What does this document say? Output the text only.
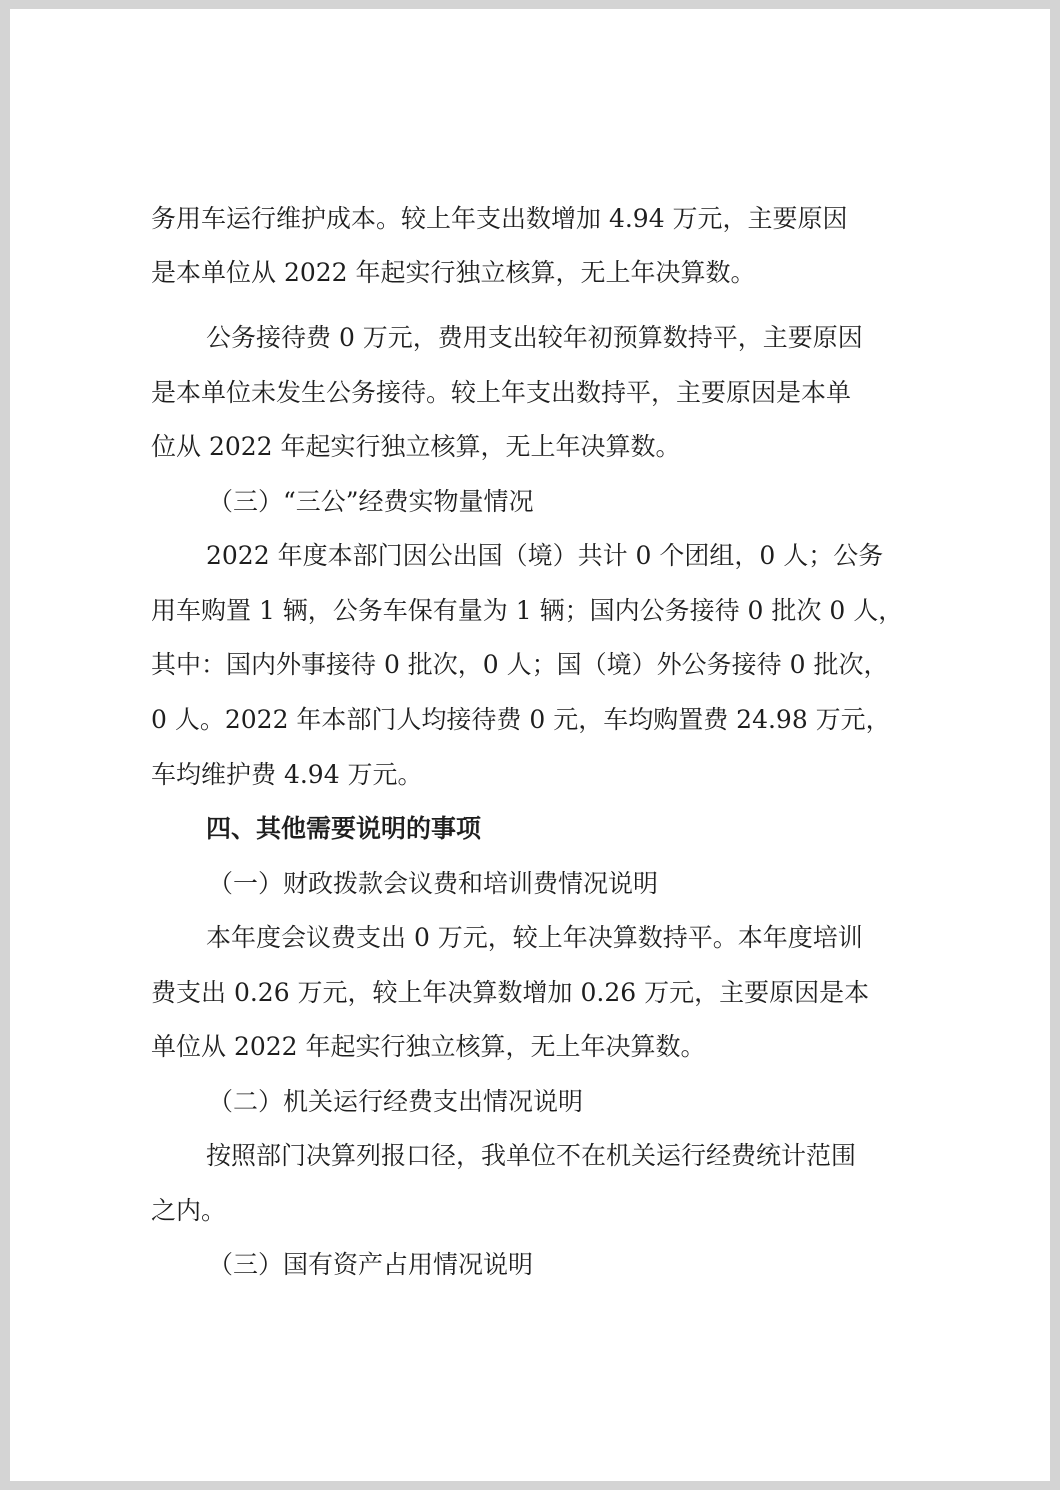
务用车运行维护成本。较上年支出数增加 4.94 万元，主要原因
是本单位从 2022 年起实行独立核算，无上年决算数。
公务接待费 0 万元，费用支出较年初预算数持平，主要原因
是本单位未发生公务接待。较上年支出数持平，主要原因是本单
位从 2022 年起实行独立核算，无上年决算数。
（三）“三公”经费实物量情况
2022 年度本部门因公出国（境）共计 0 个团组，0 人；公务
用车购置 1 辆，公务车保有量为 1 辆；国内公务接待 0 批次 0 人，
其中：国内外事接待 0 批次，0 人；国（境）外公务接待 0 批次，
0 人。2022 年本部门人均接待费 0 元，车均购置费 24.98 万元，
车均维护费 4.94 万元。
四、其他需要说明的事项
（一）财政拨款会议费和培训费情况说明
本年度会议费支出 0 万元，较上年决算数持平。本年度培训
费支出 0.26 万元，较上年决算数增加 0.26 万元，主要原因是本
单位从 2022 年起实行独立核算，无上年决算数。
（二）机关运行经费支出情况说明
按照部门决算列报口径，我单位不在机关运行经费统计范围
之内。
（三）国有资产占用情况说明
